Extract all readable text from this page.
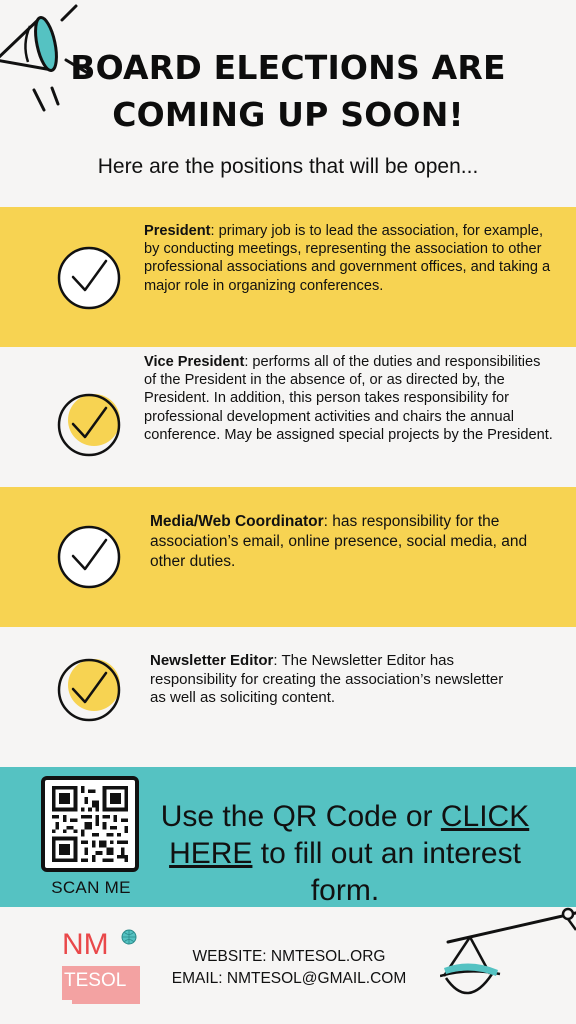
BOARD ELECTIONS ARE
COMING UP SOON!
Here are the positions that will be open...
President: primary job is to lead the association, for example, by conducting meetings, representing the association to other professional associations and government offices, and taking a major role in organizing conferences.
Vice President: performs all of the duties and responsibilities of the President in the absence of, or as directed by, the President. In addition, this person takes responsibility for professional development activities and chairs the annual conference. May be assigned special projects by the President.
Media/Web Coordinator: has responsibility for the association’s email, online presence, social media, and other duties.
Newsletter Editor: The Newsletter Editor has responsibility for creating the association’s newsletter as well as soliciting content.
SCAN ME
Use the QR Code or CLICK HERE to fill out an interest form.
NM
TESOL
WEBSITE: NMTESOL.ORG
EMAIL: NMTESOL@GMAIL.COM
